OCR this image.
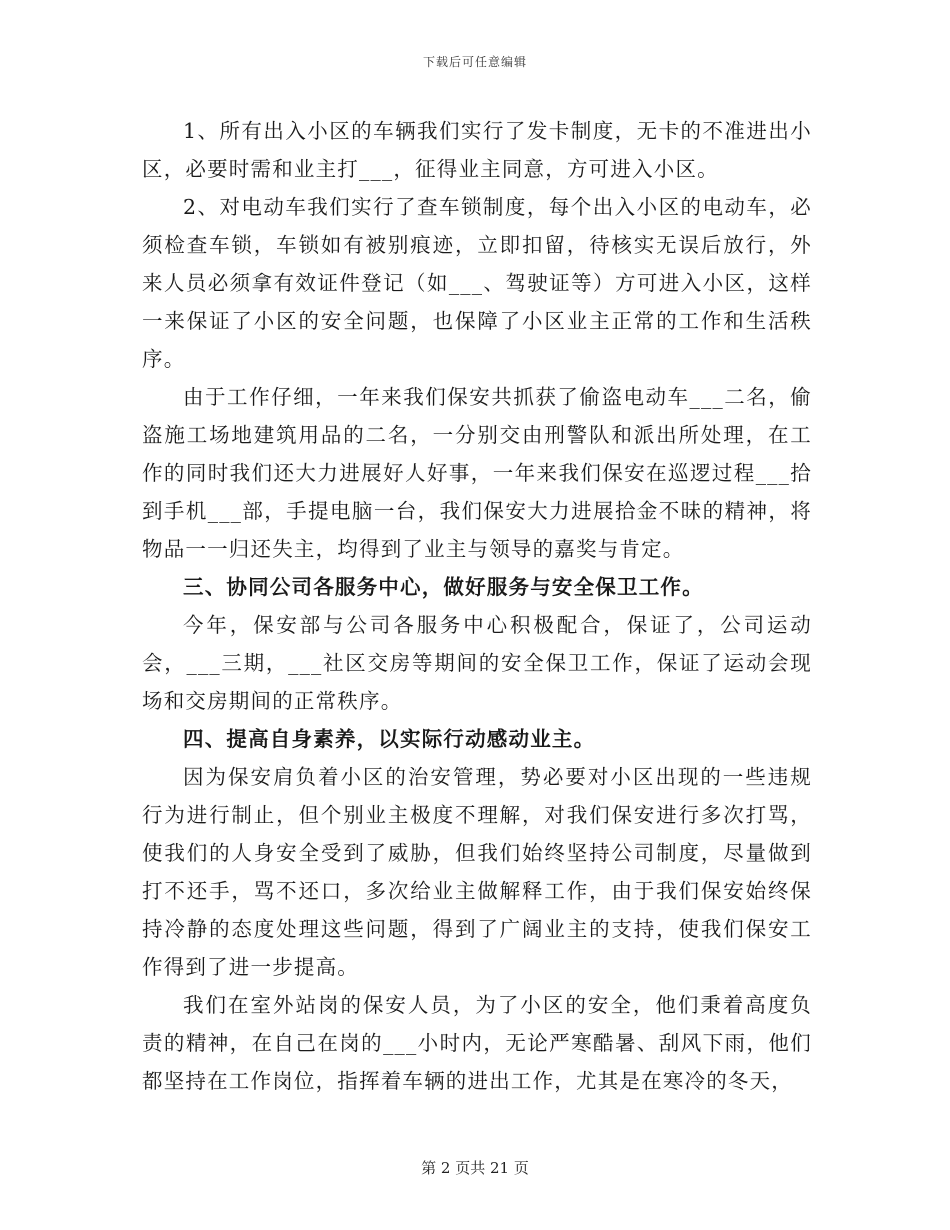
下载后可任意编辑

1、所有出入小区的车辆我们实行了发卡制度，无卡的不准进出小区，必要时需和业主打___，征得业主同意，方可进入小区。

2、对电动车我们实行了查车锁制度，每个出入小区的电动车，必须检查车锁，车锁如有被别痕迹，立即扣留，待核实无误后放行，外来人员必须拿有效证件登记（如___、驾驶证等）方可进入小区，这样一来保证了小区的安全问题，也保障了小区业主正常的工作和生活秩序。

由于工作仔细，一年来我们保安共抓获了偷盗电动车___二名，偷盗施工场地建筑用品的二名，一分别交由刑警队和派出所处理，在工作的同时我们还大力进展好人好事，一年来我们保安在巡逻过程___拾到手机___部，手提电脑一台，我们保安大力进展拾金不昧的精神，将物品一一归还失主，均得到了业主与领导的嘉奖与肯定。

三、协同公司各服务中心，做好服务与安全保卫工作。

今年，保安部与公司各服务中心积极配合，保证了，公司运动会，___三期，___社区交房等期间的安全保卫工作，保证了运动会现场和交房期间的正常秩序。

四、提高自身素养，以实际行动感动业主。

因为保安肩负着小区的治安管理，势必要对小区出现的一些违规行为进行制止，但个别业主极度不理解，对我们保安进行多次打骂，使我们的人身安全受到了威胁，但我们始终坚持公司制度，尽量做到打不还手，骂不还口，多次给业主做解释工作，由于我们保安始终保持冷静的态度处理这些问题，得到了广阔业主的支持，使我们保安工作得到了进一步提高。

我们在室外站岗的保安人员，为了小区的安全，他们秉着高度负责的精神，在自己在岗的___小时内，无论严寒酷暑、刮风下雨，他们都坚持在工作岗位，指挥着车辆的进出工作，尤其是在寒冷的冬天，

第 2 页共 21 页
